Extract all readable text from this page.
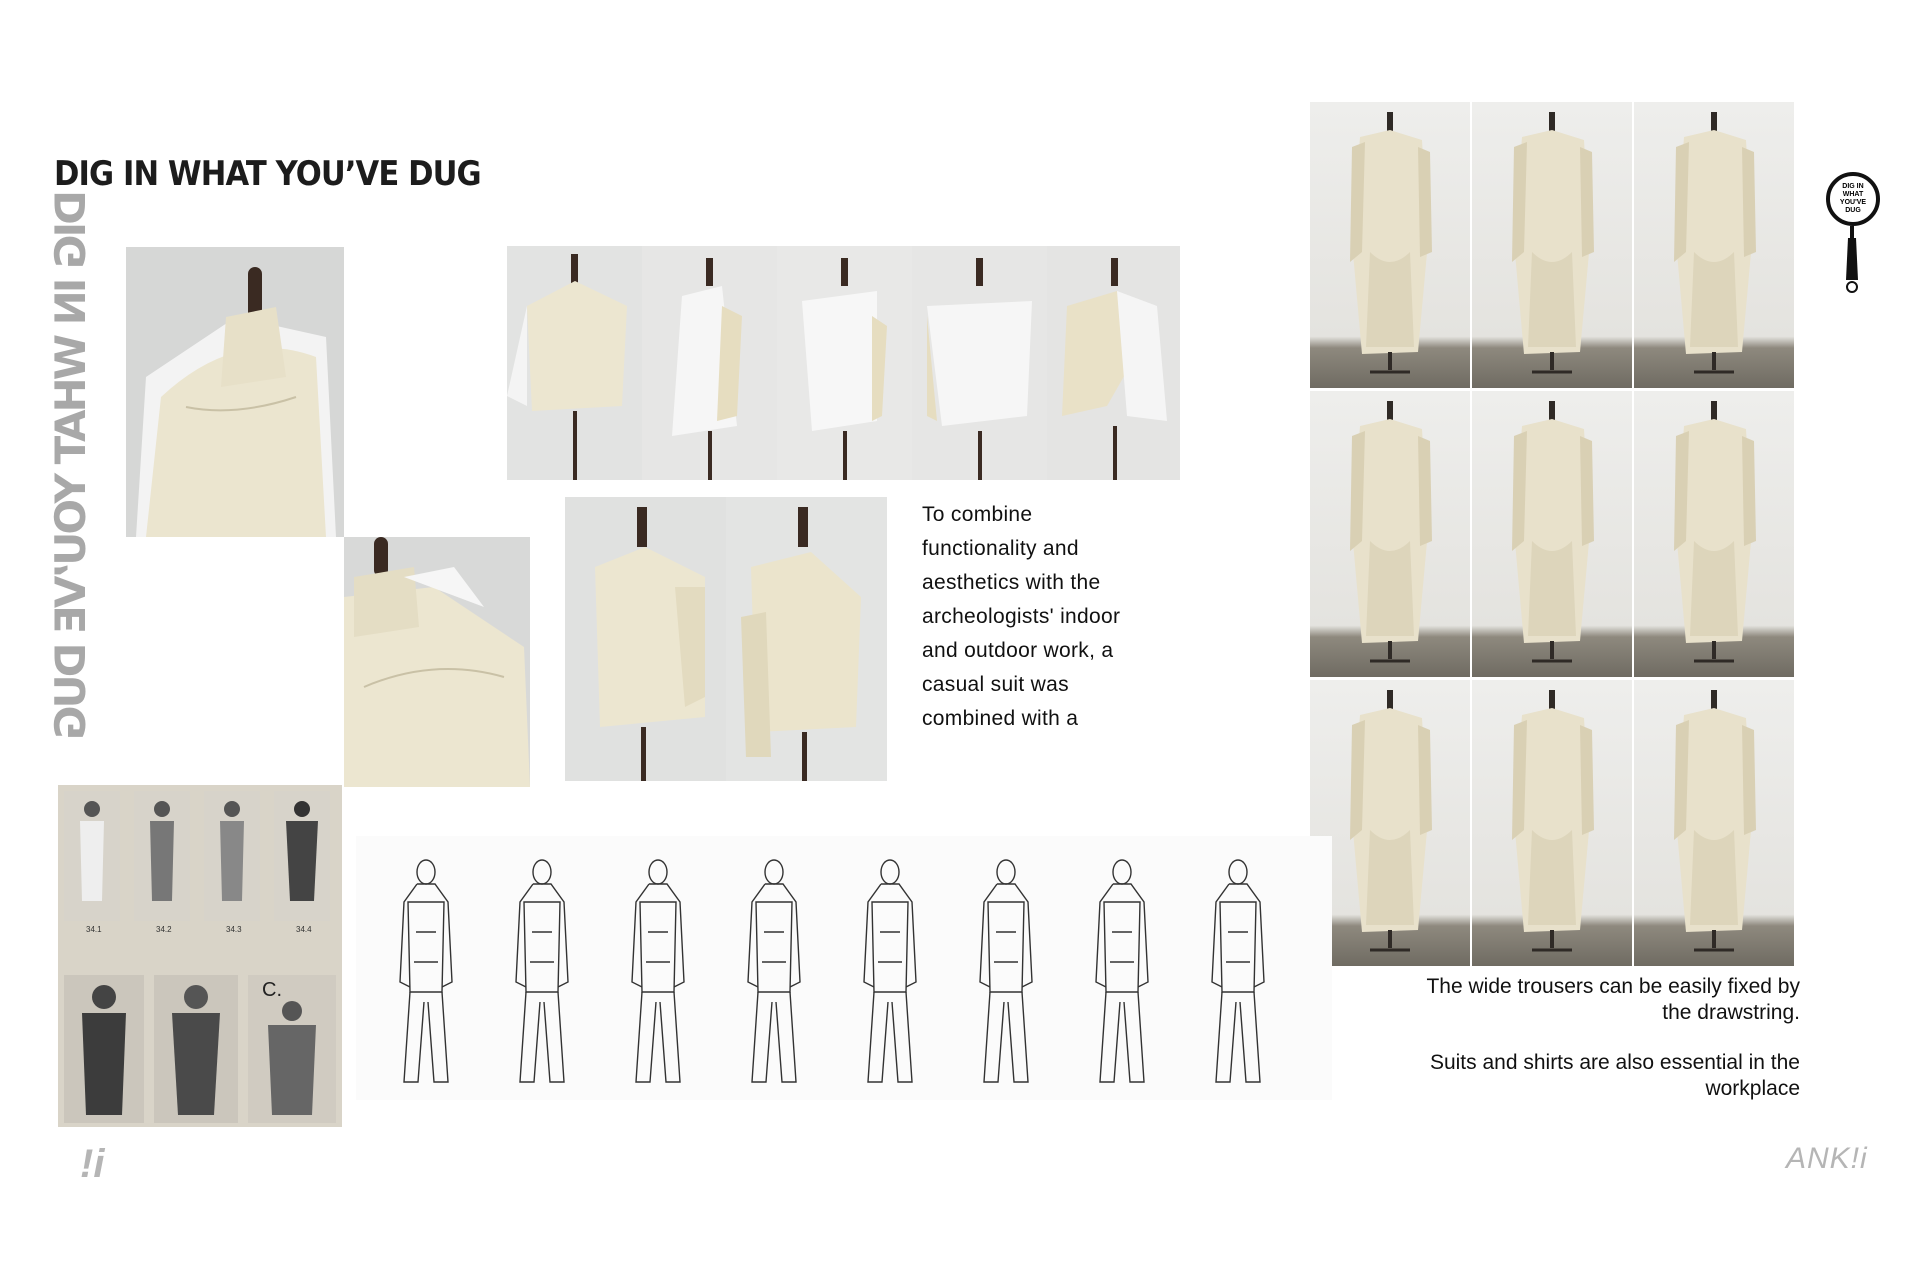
DIG IN WHAT YOU’VE DUG
DIG IN WHAT YOU’VE DUG	To combine
functionality and
aesthetics with the
archeologists' indoor
and outdoor work, a
casual suit was
combined with a
DIG IN
WHAT
YOU'VE
DUG
34.1	34.2	34.3	34.4
C.	The wide trousers can be easily fixed by
the drawstring.
Suits and shirts are also essential in the
workplace
!i	ANK!i
